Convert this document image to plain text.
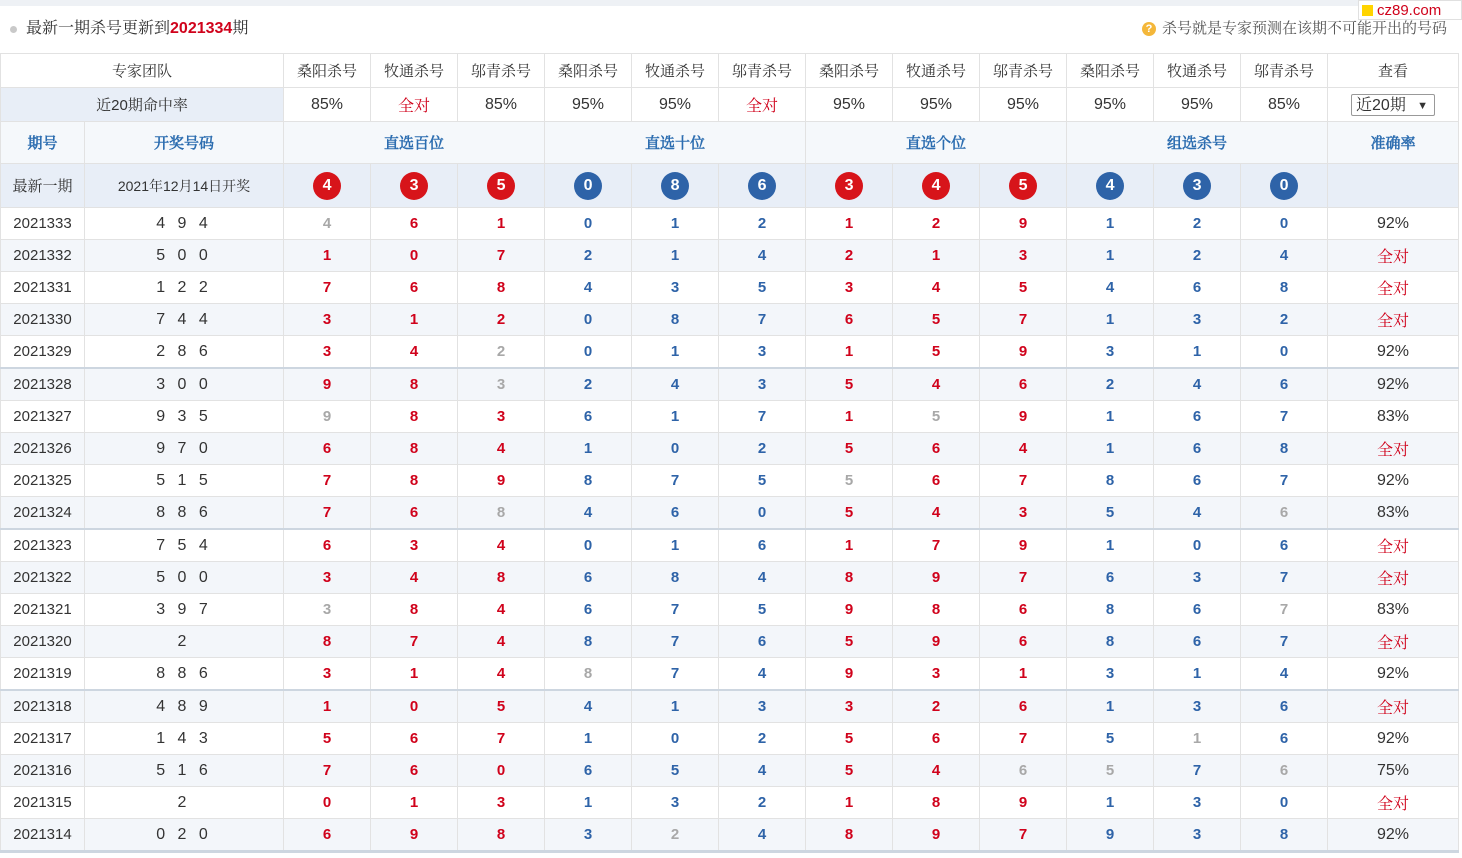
最新一期杀号更新到2021334期	? 杀号就是专家预测在该期不可能开出的号码
cz89.com
专家团队		桑阳杀号	牧通杀号	邬青杀号	桑阳杀号	牧通杀号	邬青杀号	桑阳杀号	牧通杀号	邬青杀号	桑阳杀号	牧通杀号	邬青杀号	查看
近20期命中率		85%	全对	85%	95%	95%	全对	95%	95%	95%	95%	95%	85%	近20期 ▼

期号	开奖号码	直选百位			直选十位			直选个位			组选杀号			准确率
最新一期	2021年12月14日开奖	4	3	5	0	8	6	3	4	5	4	3	0	
2021333	4 9 4	4	6	1	0	1	2	1	2	9	1	2	0	92%
2021332	5 0 0	1	0	7	2	1	4	2	1	3	1	2	4	全对
2021331	1 2 2	7	6	8	4	3	5	3	4	5	4	6	8	全对
2021330	7 4 4	3	1	2	0	8	7	6	5	7	1	3	2	全对
2021329	2 8 6	3	4	2	0	1	3	1	5	9	3	1	0	92%
2021328	3 0 0	9	8	3	2	4	3	5	4	6	2	4	6	92%
2021327	9 3 5	9	8	3	6	1	7	1	5	9	1	6	7	83%
2021326	9 7 0	6	8	4	1	0	2	5	6	4	1	6	8	全对
2021325	5 1 5	7	8	9	8	7	5	5	6	7	8	6	7	92%
2021324	8 8 6	7	6	8	4	6	0	5	4	3	5	4	6	83%
2021323	7 5 4	6	3	4	0	1	6	1	7	9	1	0	6	全对
2021322	5 0 0	3	4	8	6	8	4	8	9	7	6	3	7	全对
2021321	3 9 7	3	8	4	6	7	5	9	8	6	8	6	7	83%
2021320	2	8	7	4	8	7	6	5	9	6	8	6	7	全对
2021319	8 8 6	3	1	4	8	7	4	9	3	1	3	1	4	92%
2021318	4 8 9	1	0	5	4	1	3	3	2	6	1	3	6	全对
2021317	1 4 3	5	6	7	1	0	2	5	6	7	5	1	6	92%
2021316	5 1 6	7	6	0	6	5	4	5	4	6	5	7	6	75%
2021315	2	0	1	3	1	3	2	1	8	9	1	3	0	全对
2021314	0 2 0	6	9	8	3	2	4	8	9	7	9	3	8	92%
